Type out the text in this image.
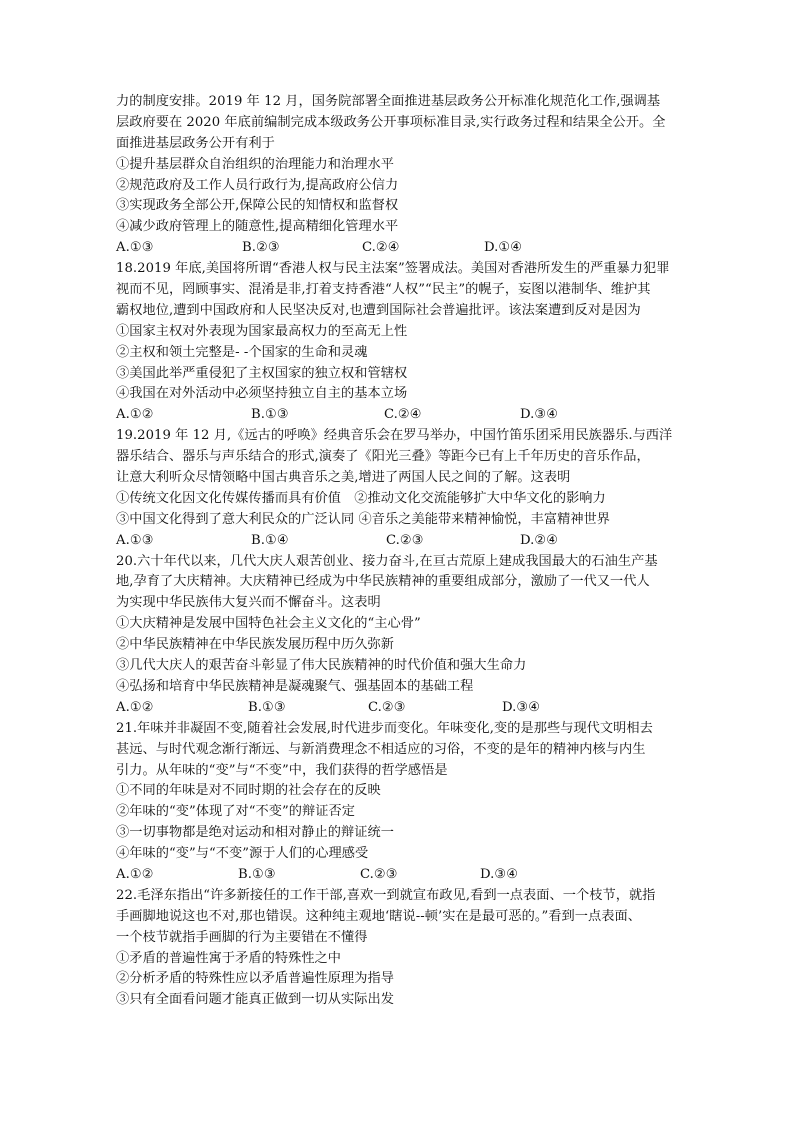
力的制度安排。2019 年 12 月，国务院部署全面推进基层政务公开标准化规范化工作,强调基
层政府要在 2020 年底前编制完成本级政务公开事项标准目录,实行政务过程和结果全公开。全
面推进基层政务公开有利于
①提升基层群众自治组织的治理能力和治理水平
②规范政府及工作人员行政行为,提高政府公信力
③实现政务全部公开,保障公民的知情权和监督权
④减少政府管理上的随意性,提高精细化管理水平
A.①③	B.②③	C.②④	D.①④
18.2019 年底,美国将所谓“香港人权与民主法案”签署成法。美国对香港所发生的严重暴力犯罪
视而不见，罔顾事实、混淆是非,打着支持香港“人权”“民主”的幌子，妄图以港制华、维护其
霸权地位,遭到中国政府和人民坚决反对,也遭到国际社会普遍批评。该法案遭到反对是因为
①国家主权对外表现为国家最高权力的至高无上性
②主权和领土完整是- -个国家的生命和灵魂
③美国此举严重侵犯了主权国家的独立权和管辖权
④我国在对外活动中必须坚持独立自主的基本立场
A.①②	B.①③	C.②④	D.③④
19.2019 年 12 月,《远古的呼唤》经典音乐会在罗马举办，中国竹笛乐团采用民族器乐.与西洋
器乐结合、器乐与声乐结合的形式,演奏了《阳光三叠》等距今已有上千年历史的音乐作品，
让意大利听众尽情领略中国古典音乐之美,增进了两国人民之间的了解。这表明
①传统文化因文化传媒传播而具有价值　②推动文化交流能够扩大中华文化的影响力
③中国文化得到了意大利民众的广泛认同 ④音乐之美能带来精神愉悦，丰富精神世界
A.①③	B.①④	C.②③	D.②④
20.六十年代以来，几代大庆人艰苦创业、接力奋斗,在亘古荒原上建成我国最大的石油生产基
地,孕育了大庆精神。大庆精神已经成为中华民族精神的重要组成部分，激励了一代又一代人
为实现中华民族伟大复兴而不懈奋斗。这表明
①大庆精神是发展中国特色社会主义文化的“主心骨”
②中华民族精神在中华民族发展历程中历久弥新
③几代大庆人的艰苦奋斗彰显了伟大民族精神的时代价值和强大生命力
④弘扬和培育中华民族精神是凝魂聚气、强基固本的基础工程
A.①②	B.①③	C.②③	D.③④
21.年味并非凝固不变,随着社会发展,时代进步而变化。年味变化,变的是那些与现代文明相去
甚远、与时代观念渐行渐远、与新消费理念不相适应的习俗，不变的是年的精神内核与内生
引力。从年味的“变”与“不变”中，我们获得的哲学感悟是
①不同的年味是对不同时期的社会存在的反映
②年味的“变”体现了对“不变”的辩证否定
③一切事物都是绝对运动和相对静止的辩证统一
④年味的“变”与“不变”源于人们的心理感受
A.①②	B.①③	C.②③	D.③④
22.毛泽东指出“许多新接任的工作干部,喜欢一到就宣布政见,看到一点表面、一个枝节，就指
手画脚地说这也不对,那也错误。这种纯主观地‘瞎说--顿’实在是最可恶的。”看到一点表面、
一个枝节就指手画脚的行为主要错在不懂得
①矛盾的普遍性寓于矛盾的特殊性之中
②分析矛盾的特殊性应以矛盾普遍性原理为指导
③只有全面看问题才能真正做到一切从实际出发
